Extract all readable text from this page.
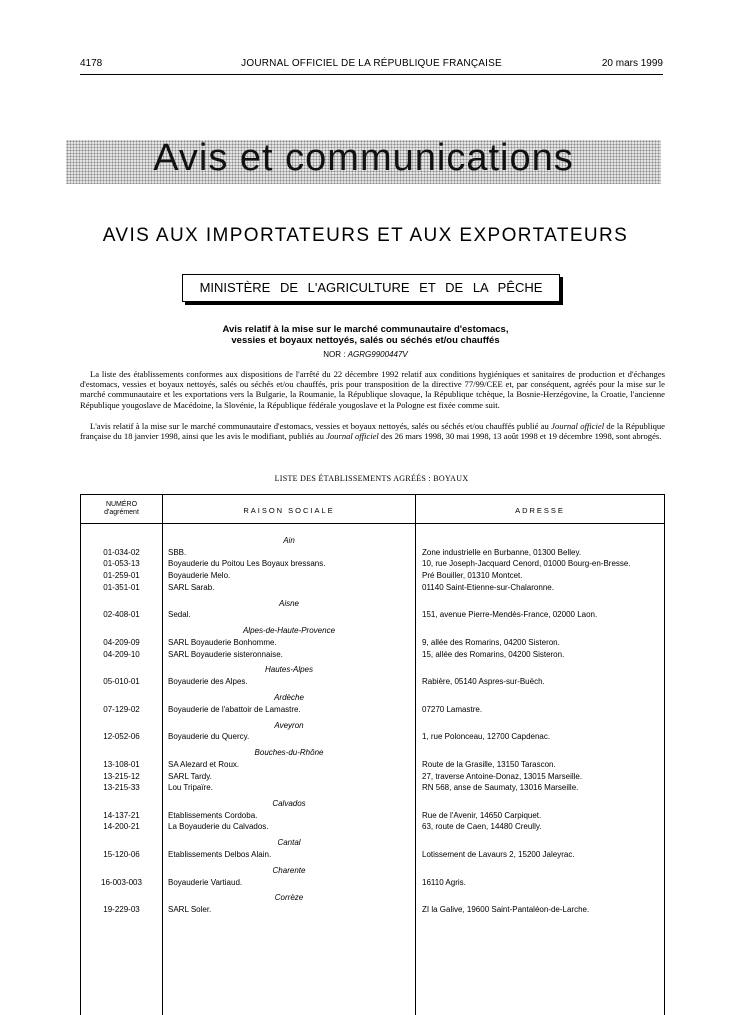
4178	JOURNAL OFFICIEL DE LA RÉPUBLIQUE FRANÇAISE	20 mars 1999
Avis et communications
AVIS AUX IMPORTATEURS ET AUX EXPORTATEURS
MINISTÈRE DE L'AGRICULTURE ET DE LA PÊCHE
Avis relatif à la mise sur le marché communautaire d'estomacs,
vessies et boyaux nettoyés, salés ou séchés et/ou chauffés
NOR : AGRG9900447V
La liste des établissements conformes aux dispositions de l'arrêté du 22 décembre 1992 relatif aux conditions hygiéniques et sanitaires de production et d'échanges d'estomacs, vessies et boyaux nettoyés, salés ou séchés et/ou chauffés, pris pour transposition de la directive 77/99/CEE et, par conséquent, agréés pour la mise sur le marché communautaire et les exportations vers la Bulgarie, la Roumanie, la République slovaque, la République tchèque, la Bosnie-Herzégovine, la Croatie, l'ancienne République yougoslave de Macédoine, la Slovénie, la République fédérale yougoslave et la Pologne est fixée comme suit.
L'avis relatif à la mise sur le marché communautaire d'estomacs, vessies et boyaux nettoyés, salés ou séchés et/ou chauffés publié au Journal officiel de la République française du 18 janvier 1998, ainsi que les avis le modifiant, publiés au Journal officiel des 26 mars 1998, 30 mai 1998, 13 août 1998 et 19 décembre 1998, sont abrogés.
LISTE DES ÉTABLISSEMENTS AGRÉÉS : BOYAUX
NUMÉRO
d'agrément	RAISON SOCIALE	ADRESSE
Ain
01-034-02	SBB.	Zone industrielle en Burbanne, 01300 Belley.
01-053-13	Boyauderie du Poitou Les Boyaux bressans.	10, rue Joseph-Jacquard Cenord, 01000 Bourg-en-Bresse.
01-259-01	Boyauderie Melo.	Pré Bouiller, 01310 Montcet.
01-351-01	SARL Sarab.	01140 Saint-Etienne-sur-Chalaronne.
Aisne
02-408-01	Sedal.	151, avenue Pierre-Mendès-France, 02000 Laon.
Alpes-de-Haute-Provence
04-209-09	SARL Boyauderie Bonhomme.	9, allée des Romarins, 04200 Sisteron.
04-209-10	SARL Boyauderie sisteronnaise.	15, allée des Romarins, 04200 Sisteron.
Hautes-Alpes
05-010-01	Boyauderie des Alpes.	Rabière, 05140 Aspres-sur-Buëch.
Ardèche
07-129-02	Boyauderie de l'abattoir de Lamastre.	07270 Lamastre.
Aveyron
12-052-06	Boyauderie du Quercy.	1, rue Polonceau, 12700 Capdenac.
Bouches-du-Rhône
13-108-01	SA Alezard et Roux.	Route de la Grasille, 13150 Tarascon.
13-215-12	SARL Tardy.	27, traverse Antoine-Donaz, 13015 Marseille.
13-215-33	Lou Tripaïre.	RN 568, anse de Saumaty, 13016 Marseille.
Calvados
14-137-21	Etablissements Cordoba.	Rue de l'Avenir, 14650 Carpiquet.
14-200-21	La Boyauderie du Calvados.	63, route de Caen, 14480 Creully.
Cantal
15-120-06	Etablissements Delbos Alain.	Lotissement de Lavaurs 2, 15200 Jaleyrac.
Charente
16-003-003	Boyauderie Vartiaud.	16110 Agris.
Corrèze
19-229-03	SARL Soler.	ZI la Galive, 19600 Saint-Pantaléon-de-Larche.
